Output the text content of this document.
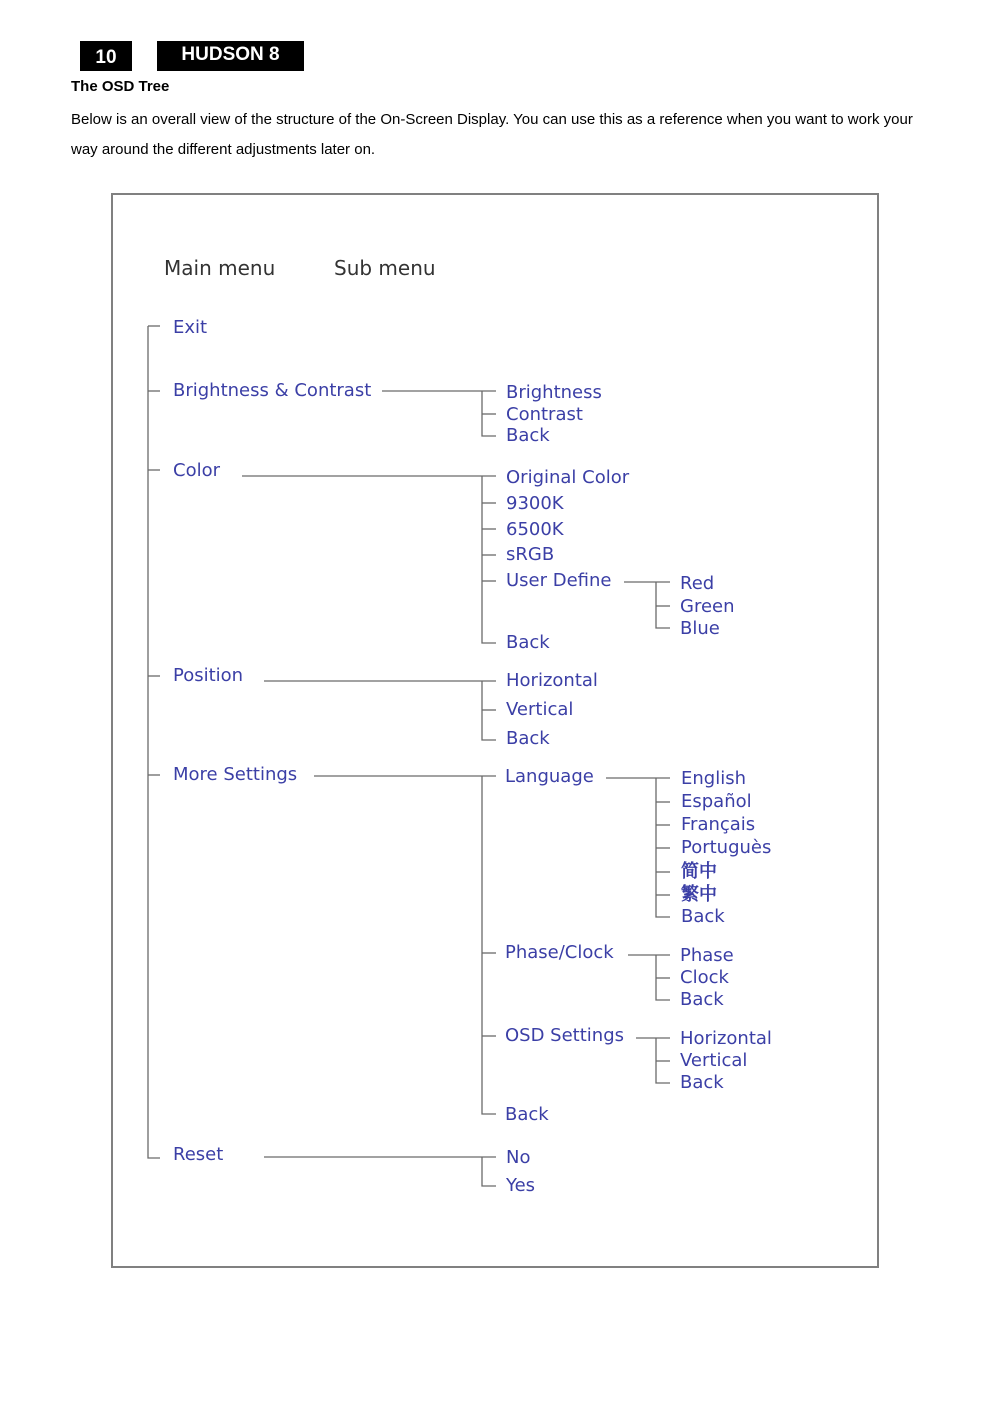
10	HUDSON 8
The OSD Tree

Below is an overall view of the structure of the On-Screen Display. You can use this as a reference when you want to work your way around the different adjustments later on.

Main menu	Sub menu
Exit
Brightness & Contrast
Color
Position
More Settings
Reset
Brightness
Contrast
Back
Original Color
9300K
6500K
sRGB
User Define
Back
Red
Green
Blue
Horizontal
Vertical
Back
Language
Phase/Clock
OSD Settings
Back
English
Español
Français
Portuguès
简中
繁中
Back
Phase
Clock
Back
Horizontal
Vertical
Back
No
Yes
